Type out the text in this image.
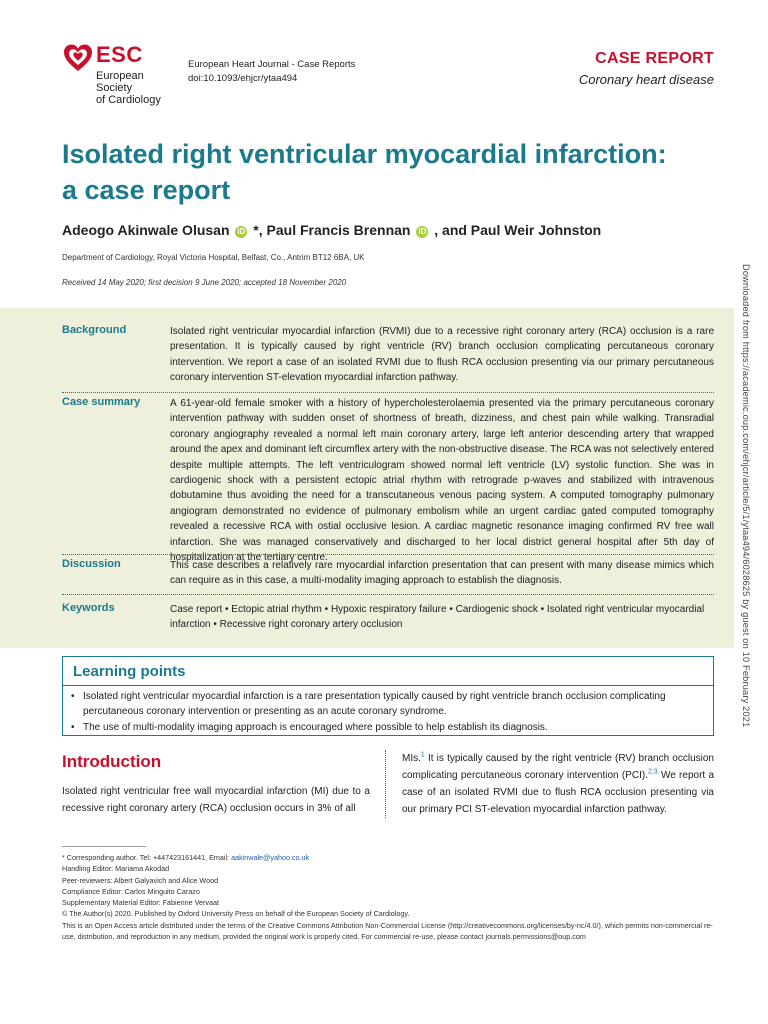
ESC
European Society
of Cardiology
European Heart Journal - Case Reports
doi:10.1093/ehjcr/ytaa494
CASE REPORT
Coronary heart disease
Isolated right ventricular myocardial infarction:
a case report
Adeogo Akinwale Olusan iD *, Paul Francis Brennan iD , and Paul Weir Johnston
Department of Cardiology, Royal Victoria Hospital, Belfast, Co., Antrim BT12 6BA, UK
Received 14 May 2020; first decision 9 June 2020; accepted 18 November 2020
Background	Isolated right ventricular myocardial infarction (RVMI) due to a recessive right coronary artery (RCA) occlusion is a rare presentation. It is typically caused by right ventricle (RV) branch occlusion complicating percutaneous coronary intervention. We report a case of an isolated RVMI due to flush RCA occlusion presenting via our primary percutaneous coronary intervention ST-elevation myocardial infarction pathway.
Case summary	A 61-year-old female smoker with a history of hypercholesterolaemia presented via the primary percutaneous coronary intervention pathway with sudden onset of shortness of breath, dizziness, and chest pain while walking. Transradial coronary angiography revealed a normal left main coronary artery, large left anterior descending artery that wrapped around the apex and dominant left circumflex artery with the non-obstructive disease. The RCA was not selectively entered despite multiple attempts. The left ventriculogram showed normal left ventricle (LV) systolic function. She was in cardiogenic shock with a persistent ectopic atrial rhythm with retrograde p-waves and stabilized with intravenous dobutamine thus avoiding the need for a transcutaneous venous pacing system. A computed tomography pulmonary angiogram demonstrated no evidence of pulmonary embolism while an urgent cardiac gated computed tomography revealed a recessive RCA with ostial occlusive lesion. A cardiac magnetic resonance imaging confirmed RV free wall infarction. She was managed conservatively and discharged to her local district general hospital after 5th day of hospitalization at the tertiary centre.
Discussion	This case describes a relatively rare myocardial infarction presentation that can present with many disease mimics which can require as in this case, a multi-modality imaging approach to establish the diagnosis.
Keywords	Case report • Ectopic atrial rhythm • Hypoxic respiratory failure • Cardiogenic shock • Isolated right ventricular myocardial infarction • Recessive right coronary artery occlusion
Learning points
• Isolated right ventricular myocardial infarction is a rare presentation typically caused by right ventricle branch occlusion complicating percutaneous coronary intervention or presenting as an acute coronary syndrome.
• The use of multi-modality imaging approach is encouraged where possible to help establish its diagnosis.
Introduction

Isolated right ventricular free wall myocardial infarction (MI) due to a recessive right coronary artery (RCA) occlusion occurs in 3% of all

MIs.$^1$ It is typically caused by the right ventricle (RV) branch occlusion complicating percutaneous coronary intervention (PCI).$^{2,3}$ We report a case of an isolated RVMI due to flush RCA occlusion presenting via our primary PCI ST-elevation myocardial infarction pathway.

* Corresponding author. Tel: +447423161441, Email: aakinwale@yahoo.co.uk
Handling Editor: Mariama Akodad
Peer-reviewers: Albert Galyavich and Alice Wood
Compliance Editor: Carlos Minguito Carazo
Supplementary Material Editor: Fabienne Vervaat
© The Author(s) 2020. Published by Oxford University Press on behalf of the European Society of Cardiology.
This is an Open Access article distributed under the terms of the Creative Commons Attribution Non-Commercial License (http://creativecommons.org/licenses/by-nc/4.0/), which permits non-commercial re-use, distribution, and reproduction in any medium, provided the original work is properly cited. For commercial re-use, please contact journals.permissions@oup.com
Downloaded from https://academic.oup.com/ehjcr/article/5/1/ytaa494/6028625 by guest on 10 February 2021
